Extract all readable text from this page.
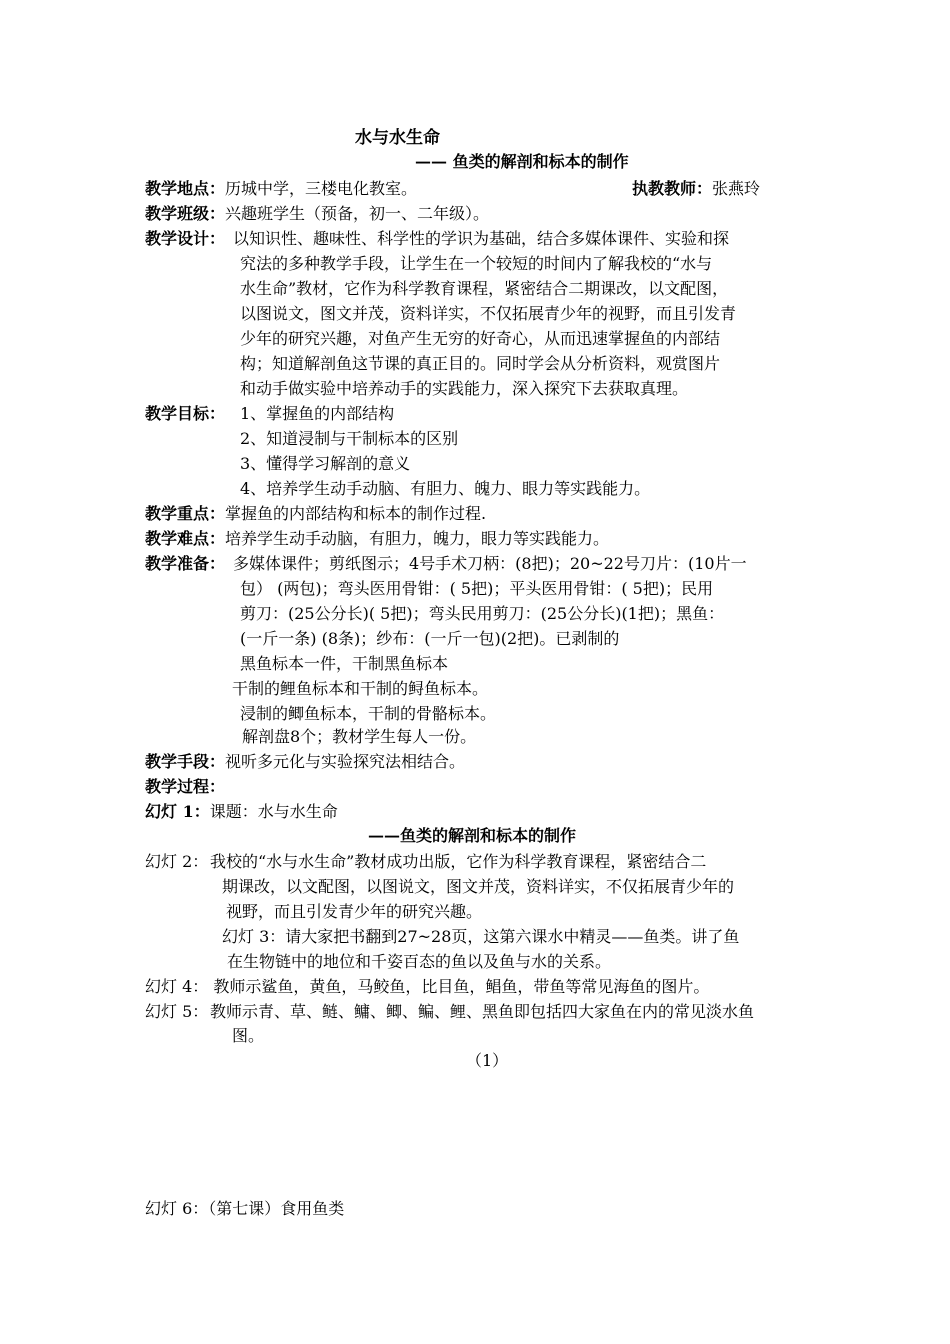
水与水生命
—— 鱼类的解剖和标本的制作
教学地点：历城中学，三楼电化教室。	执教教师：张燕玲
教学班级：兴趣班学生（预备，初一、二年级）。
教学设计： 以知识性、趣味性、科学性的学识为基础，结合多媒体课件、实验和探
究法的多种教学手段，让学生在一个较短的时间内了解我校的“水与
水生命”教材，它作为科学教育课程，紧密结合二期课改，以文配图，
以图说文，图文并茂，资料详实，不仅拓展青少年的视野，而且引发青
少年的研究兴趣，对鱼产生无穷的好奇心，从而迅速掌握鱼的内部结
构；知道解剖鱼这节课的真正目的。同时学会从分析资料，观赏图片
和动手做实验中培养动手的实践能力，深入探究下去获取真理。
教学目标： 1、掌握鱼的内部结构
2、知道浸制与干制标本的区别
3、懂得学习解剖的意义
4、培养学生动手动脑、有胆力、魄力、眼力等实践能力。
教学重点：掌握鱼的内部结构和标本的制作过程.
教学难点：培养学生动手动脑，有胆力，魄力，眼力等实践能力。
教学准备： 多媒体课件；剪纸图示；4号手术刀柄：(8把)；20~22号刀片：(10片一
包） (两包)；弯头医用骨钳：( 5把)；平头医用骨钳：( 5把)；民用
剪刀：(25公分长)( 5把)；弯头民用剪刀：(25公分长)(1把)；黑鱼：
(一斤一条) (8条)；纱布：(一斤一包)(2把)。已剥制的
黑鱼标本一件，干制黑鱼标本
干制的鲤鱼标本和干制的鲟鱼标本。
浸制的鲫鱼标本，干制的骨骼标本。
解剖盘8个；教材学生每人一份。
教学手段：视听多元化与实验探究法相结合。
教学过程：
幻灯 1：课题：水与水生命
——鱼类的解剖和标本的制作
幻灯 2： 我校的“水与水生命”教材成功出版，它作为科学教育课程，紧密结合二
期课改，以文配图，以图说文，图文并茂，资料详实，不仅拓展青少年的
视野，而且引发青少年的研究兴趣。
幻灯 3：请大家把书翻到27~28页，这第六课水中精灵——鱼类。讲了鱼
在生物链中的地位和千姿百态的鱼以及鱼与水的关系。
幻灯 4： 教师示鲨鱼，黄鱼，马鲛鱼，比目鱼，鲳鱼，带鱼等常见海鱼的图片。
幻灯 5： 教师示青、草、鲢、鳙、鲫、鳊、鲤、黑鱼即包括四大家鱼在内的常见淡水鱼
图。
（1）
幻灯 6：（第七课）食用鱼类
